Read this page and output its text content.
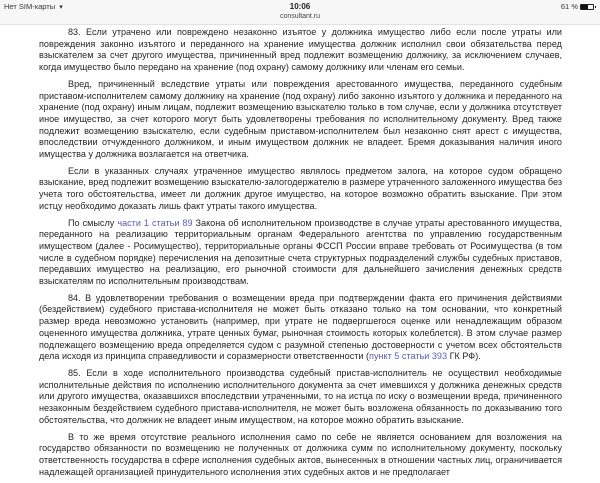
Нет SIM-карты ▾	10:06
consultant.ru
61 %

83. Если утрачено или повреждено незаконно изъятое у должника имущество либо если после утраты или повреждения законно изъятого и переданного на хранение имущества должник исполнил свои обязательства перед взыскателем за счет другого имущества, причиненный вред подлежит возмещению должнику, за исключением случаев, когда имущество было передано на хранение (под охрану) самому должнику или членам его семьи.

Вред, причиненный вследствие утраты или повреждения арестованного имущества, переданного судебным приставом-исполнителем самому должнику на хранение (под охрану) либо законно изъятого у должника и переданного на хранение (под охрану) иным лицам, подлежит возмещению взыскателю только в том случае, если у должника отсутствует иное имущество, за счет которого могут быть удовлетворены требования по исполнительному документу. Вред также подлежит возмещению взыскателю, если судебным приставом-исполнителем был незаконно снят арест с имущества, впоследствии отчужденного должником, и иным имуществом должник не владеет. Бремя доказывания наличия иного имущества у должника возлагается на ответчика.

Если в указанных случаях утраченное имущество являлось предметом залога, на которое судом обращено взыскание, вред подлежит возмещению взыскателю-залогодержателю в размере утраченного заложенного имущества без учета того обстоятельства, имеет ли должник другое имущество, на которое возможно обратить взыскание. При этом истцу необходимо доказать лишь факт утраты такого имущества.

По смыслу части 1 статьи 89 Закона об исполнительном производстве в случае утраты арестованного имущества, переданного на реализацию территориальным органам Федерального агентства по управлению государственным имуществом (далее - Росимущество), территориальные органы ФССП России вправе требовать от Росимущества (в том числе в судебном порядке) перечисления на депозитные счета структурных подразделений службы судебных приставов, передавших имущество на реализацию, его рыночной стоимости для дальнейшего зачисления денежных средств взыскателям по исполнительным производствам.

84. В удовлетворении требования о возмещении вреда при подтверждении факта его причинения действиями (бездействием) судебного пристава-исполнителя не может быть отказано только на том основании, что конкретный размер вреда невозможно установить (например, при утрате не подвергшегося оценке или ненадлежащим образом оцененного имущества должника, утрате ценных бумаг, рыночная стоимость которых колеблется). В этом случае размер подлежащего возмещению вреда определяется судом с разумной степенью достоверности с учетом всех обстоятельств дела исходя из принципа справедливости и соразмерности ответственности (пункт 5 статьи 393 ГК РФ).

85. Если в ходе исполнительного производства судебный пристав-исполнитель не осуществил необходимые исполнительные действия по исполнению исполнительного документа за счет имевшихся у должника денежных средств или другого имущества, оказавшихся впоследствии утраченными, то на истца по иску о возмещении вреда, причиненного незаконным бездействием судебного пристава-исполнителя, не может быть возложена обязанность по доказыванию того обстоятельства, что должник не владеет иным имуществом, на которое можно обратить взыскание.

В то же время отсутствие реального исполнения само по себе не является основанием для возложения на государство обязанности по возмещению не полученных от должника сумм по исполнительному документу, поскольку ответственность государства в сфере исполнения судебных актов, вынесенных в отношении частных лиц, ограничивается надлежащей организацией принудительного исполнения этих судебных актов и не предполагает
